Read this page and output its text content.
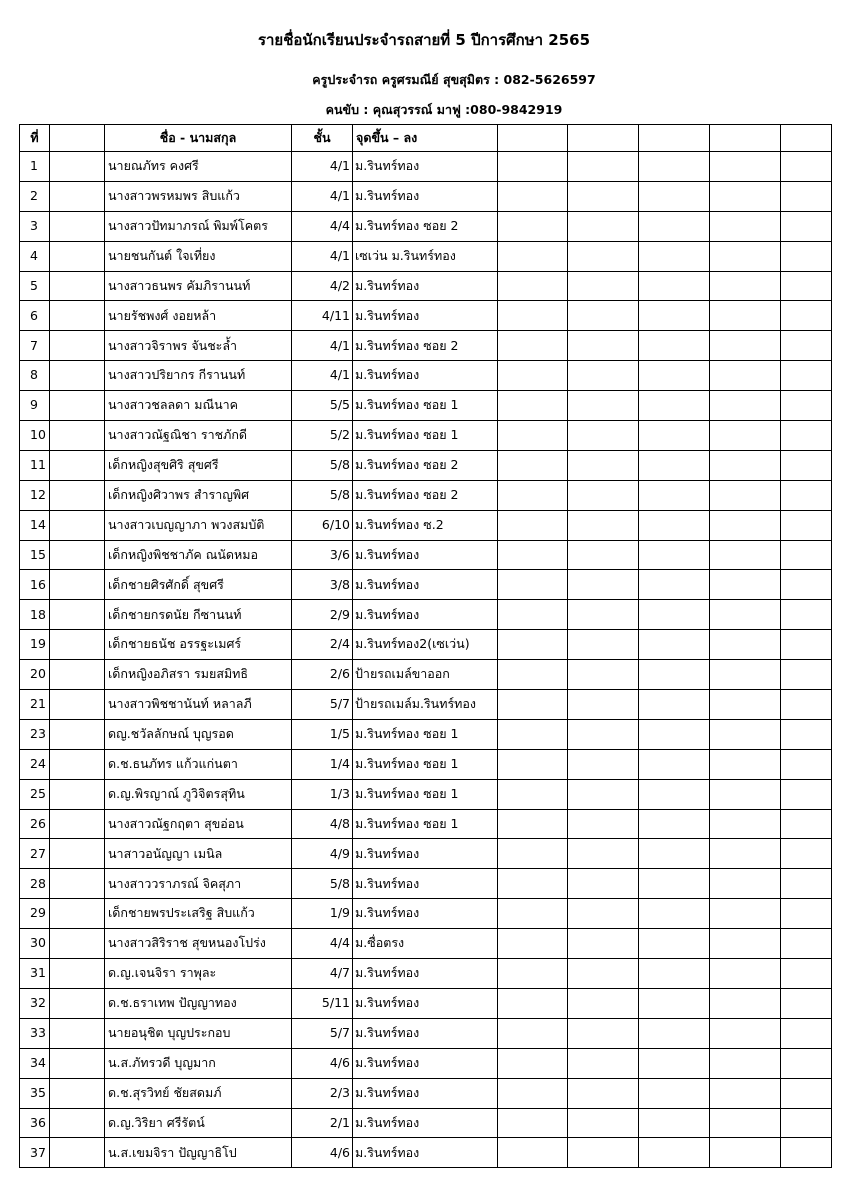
รายชื่อนักเรียนประจำรถสายที่ 5 ปีการศึกษา 2565
ครูประจำรถ ครูศรมณีย์ สุขสุมิตร : 082-5626597
คนขับ : คุณสุวรรณ์ มาฟู :080-9842919
ที่		ชื่อ - นามสกุล	ชั้น	จุดขึ้น – ลง					
1		นายณภัทร คงศรี	4/1	ม.รินทร์ทอง					
2		นางสาวพรหมพร สิบแก้ว	4/1	ม.รินทร์ทอง					
3		นางสาวปัทมาภรณ์ พิมพ์โคตร	4/4	ม.รินทร์ทอง ซอย 2					
4		นายชนกันต์ ใจเที่ยง	4/1	เซเว่น ม.รินทร์ทอง					
5		นางสาวธนพร คัมภิรานนท์	4/2	ม.รินทร์ทอง					
6		นายรัชพงศ์ งอยหล้า	4/11	ม.รินทร์ทอง					
7		นางสาวจิราพร จันชะล้ำ	4/1	ม.รินทร์ทอง ซอย 2					
8		นางสาวปริยากร กีรานนท์	4/1	ม.รินทร์ทอง					
9		นางสาวชลลดา มณีนาค	5/5	ม.รินทร์ทอง ซอย 1					
10		นางสาวณัฐณิชา ราชภักดี	5/2	ม.รินทร์ทอง ซอย 1					
11		เด็กหญิงสุขศิริ สุขศรี	5/8	ม.รินทร์ทอง ซอย 2					
12		เด็กหญิงศิวาพร สำราญพิศ	5/8	ม.รินทร์ทอง ซอย 2					
14		นางสาวเบญญาภา พวงสมบัติ	6/10	ม.รินทร์ทอง ซ.2					
15		เด็กหญิงพิชชาภัค ณนัดหมอ	3/6	ม.รินทร์ทอง					
16		เด็กชายศิรศักดิ์ สุขศรี	3/8	ม.รินทร์ทอง					
18		เด็กชายกรดนัย กีซานนท์	2/9	ม.รินทร์ทอง					
19		เด็กชายธนัช อรรฐะเมศร์	2/4	ม.รินทร์ทอง2(เซเว่น)					
20		เด็กหญิงอภิสรา รมยสมิทธิ	2/6	ป้ายรถเมล์ขาออก					
21		นางสาวพิชชานันท์ หลาลภี	5/7	ป้ายรถเมล์ม.รินทร์ทอง					
23		ดญ.ชวัลลักษณ์ บุญรอด	1/5	ม.รินทร์ทอง ซอย 1					
24		ด.ช.ธนภัทร แก้วแก่นตา	1/4	ม.รินทร์ทอง ซอย 1					
25		ด.ญ.พิรญาณ์ ภูวิจิตรสุทิน	1/3	ม.รินทร์ทอง ซอย 1					
26		นางสาวณัฐกฤตา สุขอ่อน	4/8	ม.รินทร์ทอง ซอย 1					
27		นาสาวอนัญญา เมนิล	4/9	ม.รินทร์ทอง					
28		นางสาววราภรณ์ จิคสุภา	5/8	ม.รินทร์ทอง					
29		เด็กชายพรประเสริฐ สิบแก้ว	1/9	ม.รินทร์ทอง					
30		นางสาวสิริราช สุขหนองโปร่ง	4/4	ม.ซื่อตรง					
31		ด.ญ.เจนจิรา ราพุละ	4/7	ม.รินทร์ทอง					
32		ด.ช.ธราเทพ ปัญญาทอง	5/11	ม.รินทร์ทอง					
33		นายอนุชิต บุญประกอบ	5/7	ม.รินทร์ทอง					
34		น.ส.ภัทรวดี บุญมาก	4/6	ม.รินทร์ทอง					
35		ด.ช.สุรวิทย์ ชัยสดมภ์	2/3	ม.รินทร์ทอง					
36		ด.ญ.วิริยา ศรีรัตน์	2/1	ม.รินทร์ทอง					
37		น.ส.เขมจิรา ปัญญาธิโป	4/6	ม.รินทร์ทอง					
